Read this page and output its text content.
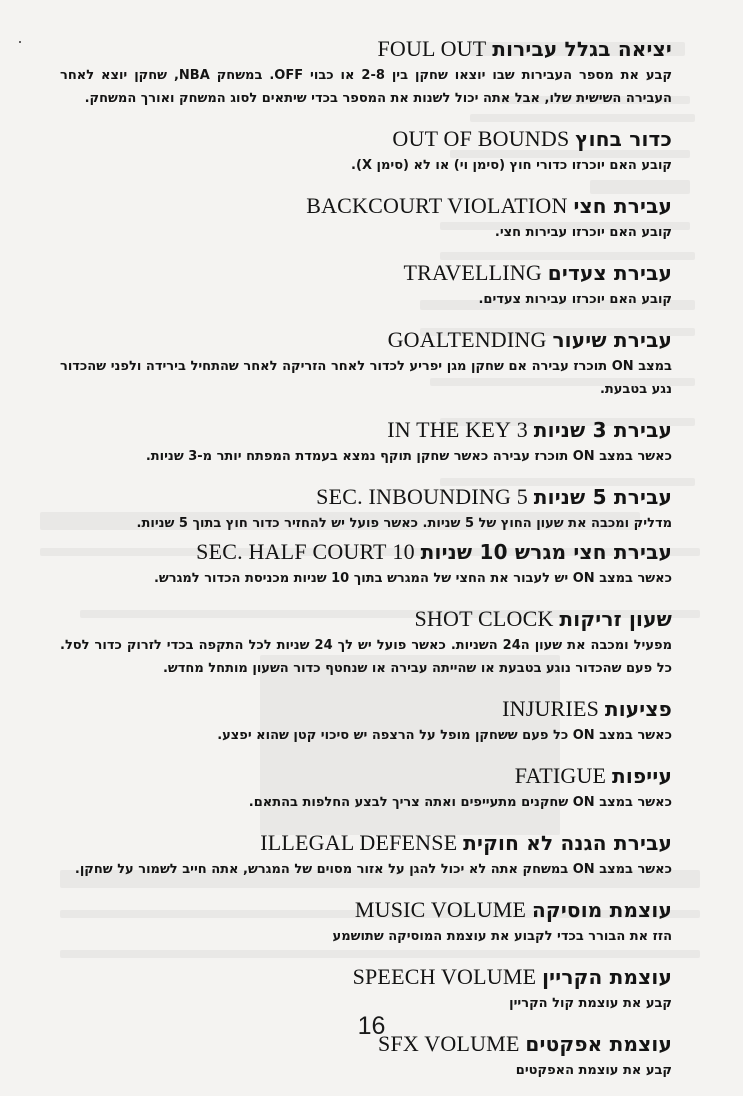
יציאה בגלל עבירות FOUL OUT

קבע את מספר העבירות שבו יוצאו שחקן בין 2-8 או כבוי OFF. במשחק NBA, שחקן יוצא לאחר העבירה השישית שלו, אבל אתה יכול לשנות את המספר בכדי שיתאים לסוג המשחק ואורך המשחק.

כדור בחוץ OUT OF BOUNDS

קובע האם יוכרזו כדורי חוץ (סימן וי) או לא (סימן X).

עבירת חצי BACKCOURT VIOLATION

קובע האם יוכרזו עבירות חצי.

עבירת צעדים TRAVELLING

קובע האם יוכרזו עבירות צעדים.

עבירת שיעור GOALTENDING

במצב ON תוכרז עבירה אם שחקן מגן יפריע לכדור לאחר הזריקה לאחר שהתחיל בירידה ולפני שהכדור נגע בטבעת.

עבירת 3 שניות 3 IN THE KEY

כאשר במצב ON תוכרז עבירה כאשר שחקן תוקף נמצא בעמדת המפתח יותר מ-3 שניות.

עבירת 5 שניות 5 SEC. INBOUNDING

מדליק ומכבה את שעון החוץ של 5 שניות. כאשר פועל יש להחזיר כדור חוץ בתוך 5 שניות.

עבירת חצי מגרש 10 שניות 10 SEC. HALF COURT

כאשר במצב ON יש לעבור את החצי של המגרש בתוך 10 שניות מכניסת הכדור למגרש.

שעון זריקות SHOT CLOCK

מפעיל ומכבה את שעון ה24 השניות. כאשר פועל יש לך 24 שניות לכל התקפה בכדי לזרוק כדור לסל. כל פעם שהכדור נוגע בטבעת או שהייתה עבירה או שנחטף כדור השעון מותחל מחדש.

פציעות INJURIES

כאשר במצב ON כל פעם ששחקן מופל על הרצפה יש סיכוי קטן שהוא יפצע.

עייפות FATIGUE

כאשר במצב ON שחקנים מתעייפים ואתה צריך לבצע החלפות בהתאם.

עבירת הגנה לא חוקית ILLEGAL DEFENSE

כאשר במצב ON במשחק אתה לא יכול להגן על אזור מסוים של המגרש, אתה חייב לשמור על שחקן.

עוצמת מוסיקה MUSIC VOLUME

הזז את הבורר בכדי לקבוע את עוצמת המוסיקה שתושמע

עוצמת הקריין SPEECH VOLUME

קבע את עוצמת קול הקריין

עוצמת אפקטים SFX VOLUME

קבע את עוצמת האפקטים

16
